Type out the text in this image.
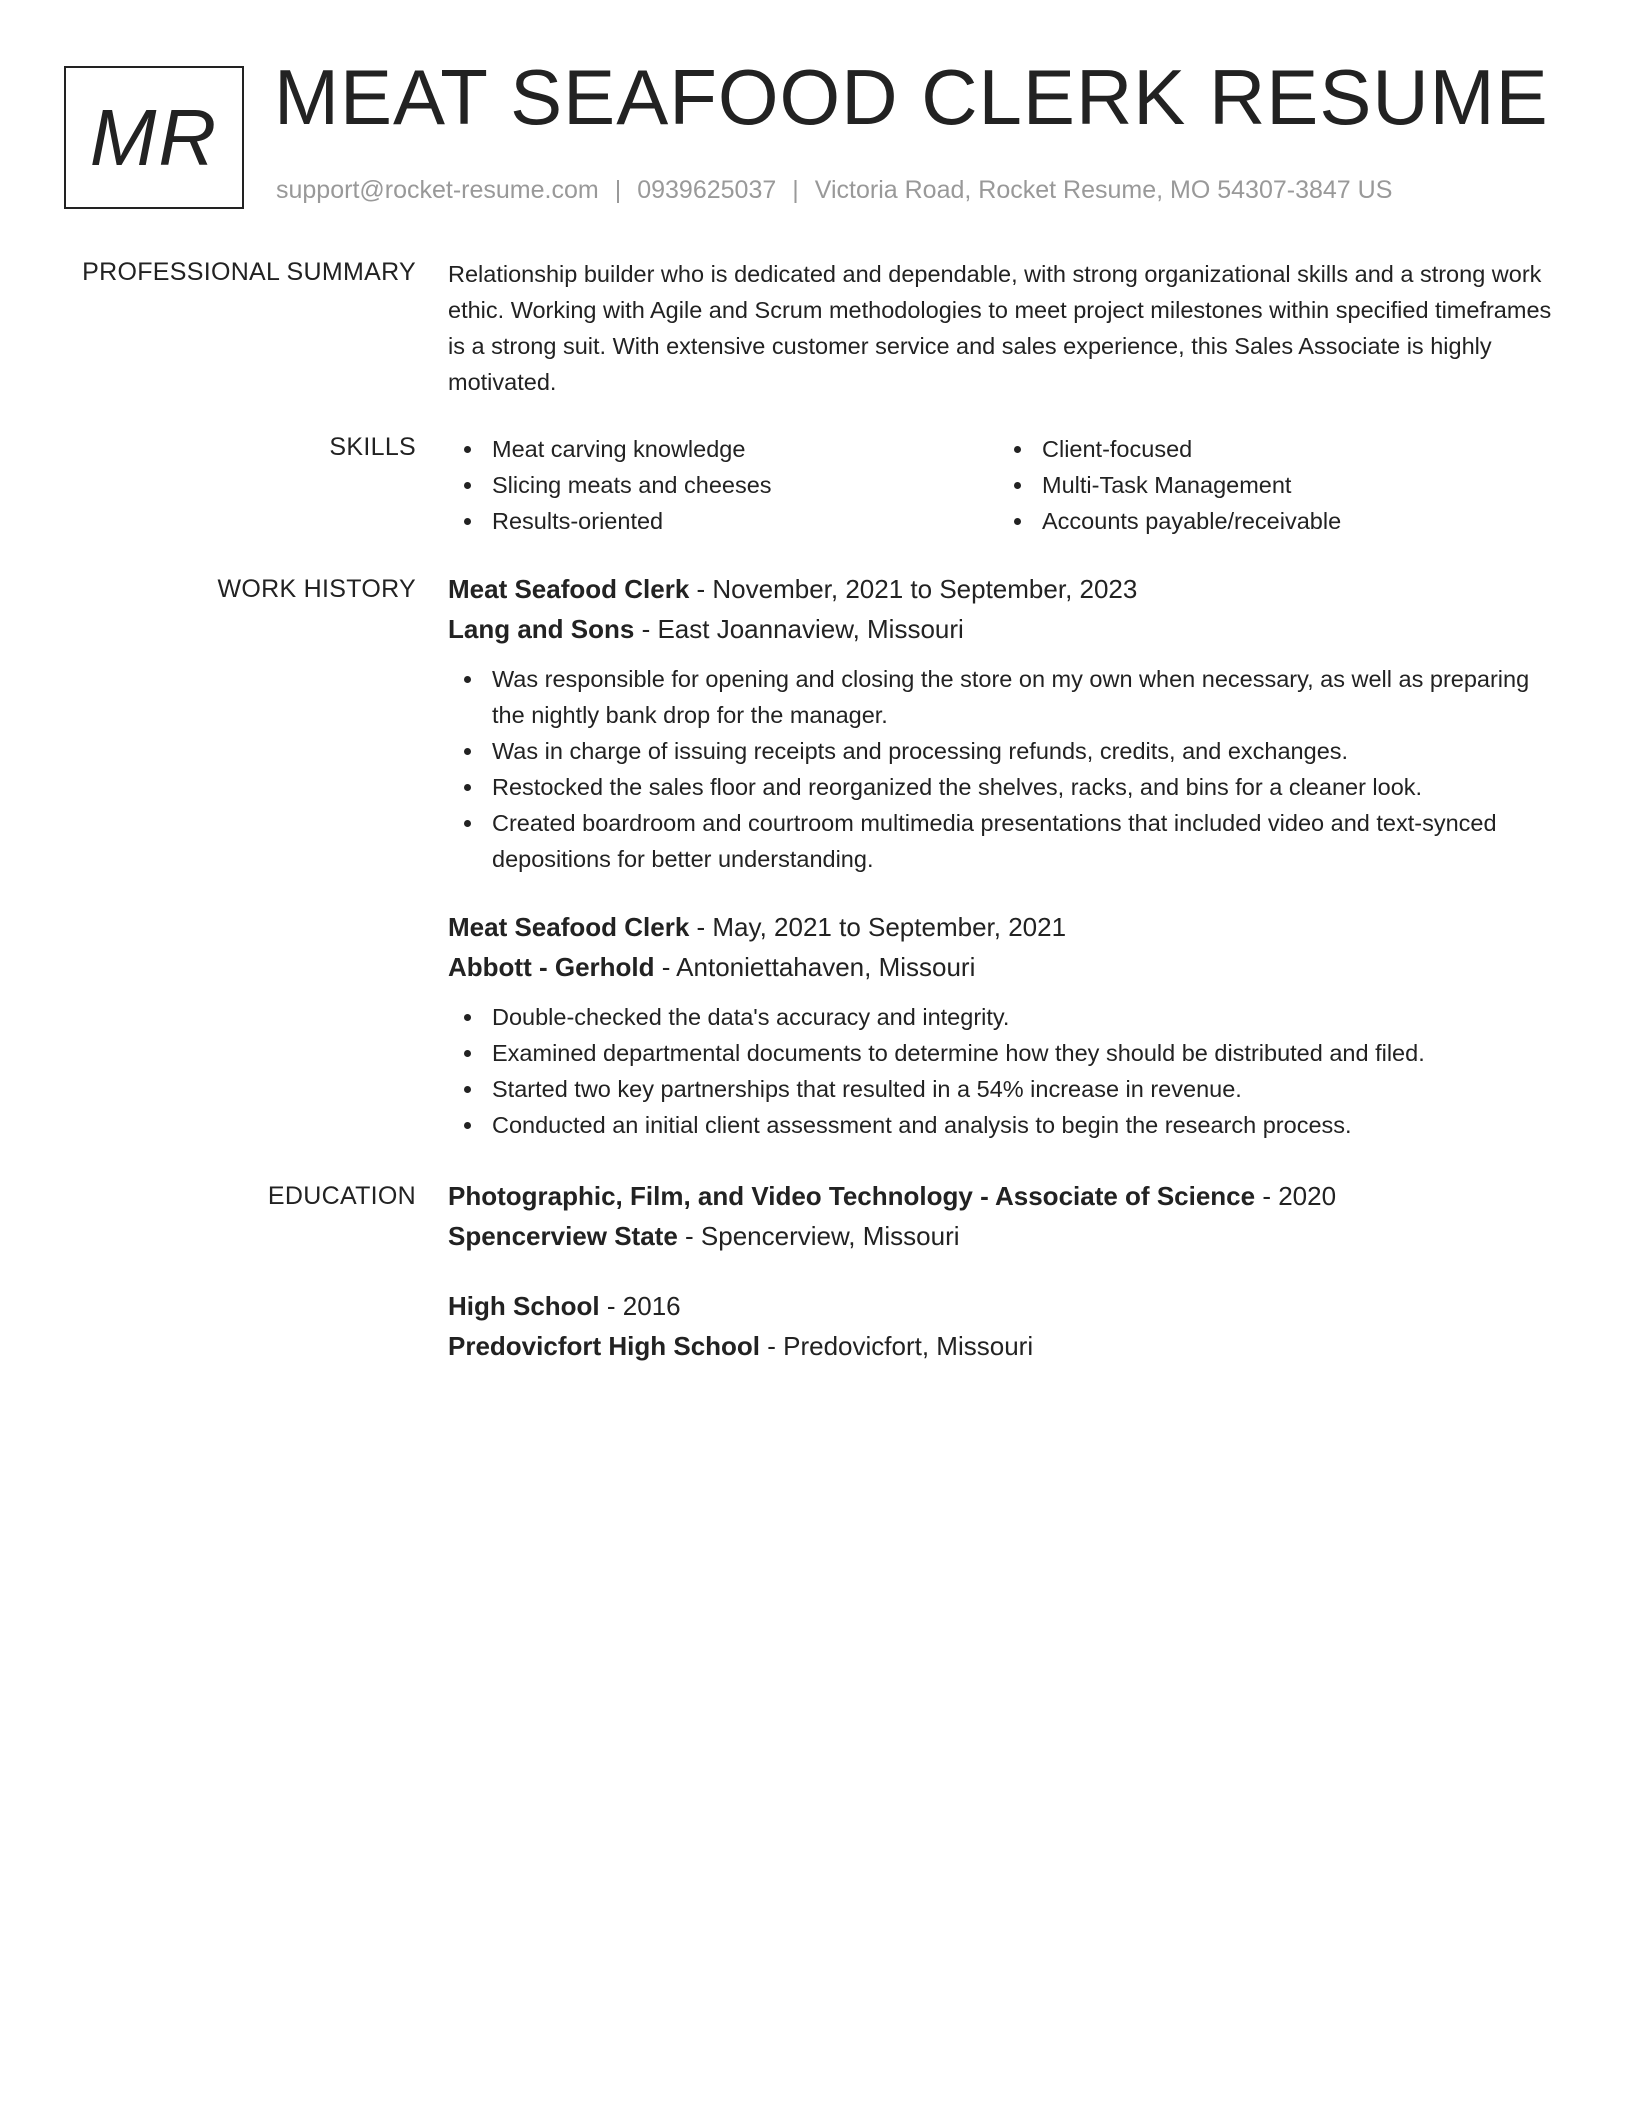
MR MEAT SEAFOOD CLERK RESUME
support@rocket-resume.com | 0939625037 | Victoria Road, Rocket Resume, MO 54307-3847 US
PROFESSIONAL SUMMARY Relationship builder who is dedicated and dependable, with strong organizational skills and a strong work ethic. Working with Agile and Scrum methodologies to meet project milestones within specified timeframes is a strong suit. With extensive customer service and sales experience, this Sales Associate is highly motivated.

SKILLS	Meat carving knowledge
Slicing meats and cheeses
Results-oriented
Client-focused
Multi-Task Management
Accounts payable/receivable
WORK HISTORY Meat Seafood Clerk - November, 2021 to September, 2023
Lang and Sons - East Joannaview, Missouri
Was responsible for opening and closing the store on my own when necessary, as well as preparing the nightly bank drop for the manager.
Was in charge of issuing receipts and processing refunds, credits, and exchanges.
Restocked the sales floor and reorganized the shelves, racks, and bins for a cleaner look.
Created boardroom and courtroom multimedia presentations that included video and text-synced depositions for better understanding.
Meat Seafood Clerk - May, 2021 to September, 2021
Abbott - Gerhold - Antoniettahaven, Missouri
Double-checked the data's accuracy and integrity.
Examined departmental documents to determine how they should be distributed and filed.
Started two key partnerships that resulted in a 54% increase in revenue.
Conducted an initial client assessment and analysis to begin the research process.
EDUCATION Photographic, Film, and Video Technology - Associate of Science - 2020
Spencerview State - Spencerview, Missouri
High School - 2016
Predovicfort High School - Predovicfort, Missouri
